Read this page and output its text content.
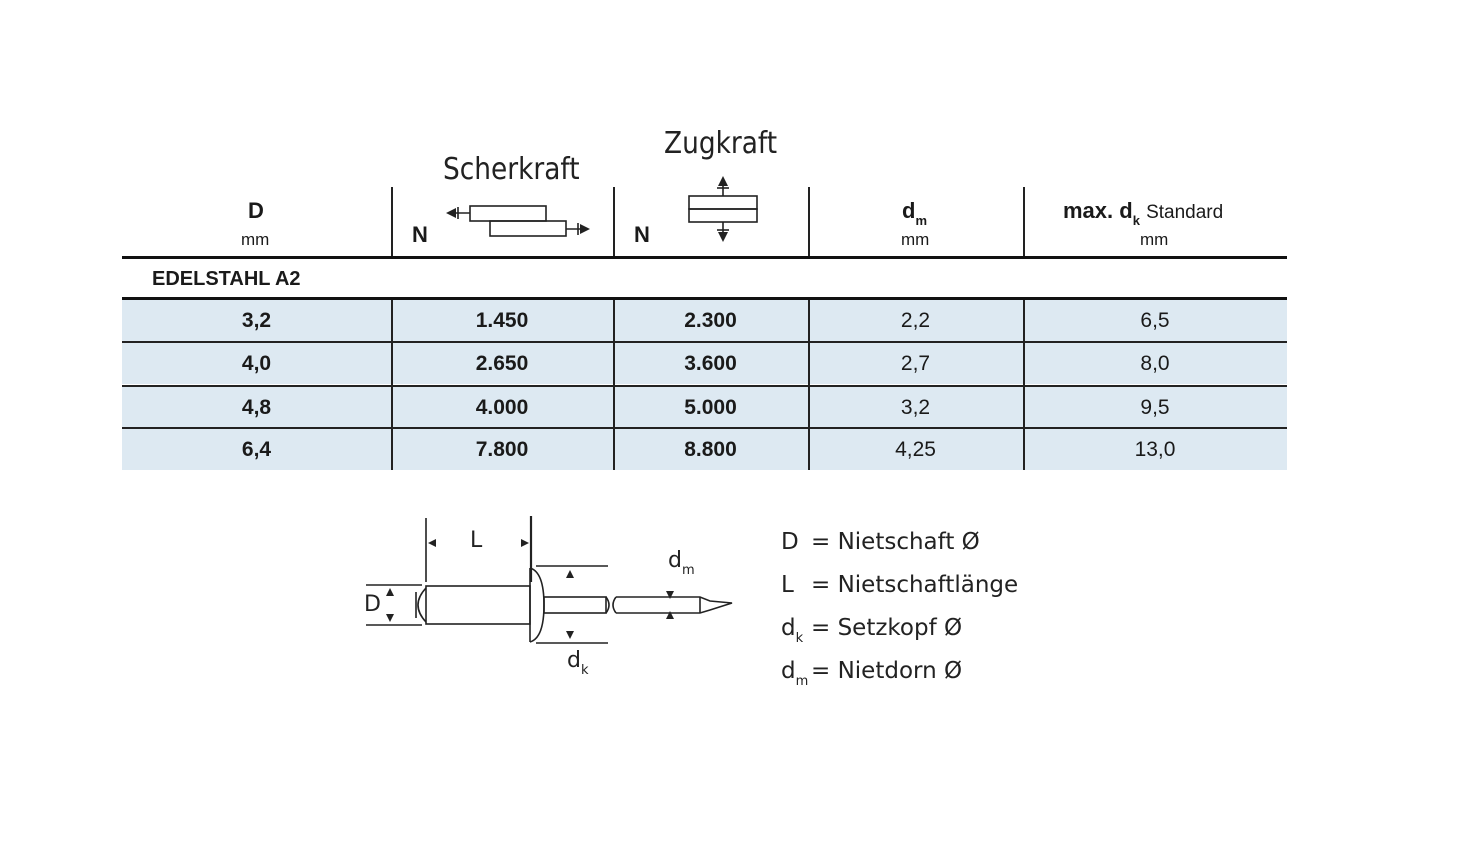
D
mm
Scherkraft
N
Zugkraft
N
$d_m$
mm
max. $d_k$ Standard
mm
EDELSTAHL A2
3,2	1.450	2.300	2,2	6,5
4,0	2.650	3.600	2,7	8,0
4,8	4.000	5.000	3,2	9,5
6,4	7.800	8.800	4,25	13,0
L
D
$d_m$
$d_k$
D = Nietschaft Ø
L = Nietschaftlänge
$d_k$ = Setzkopf Ø
$d_m$ = Nietdorn Ø
